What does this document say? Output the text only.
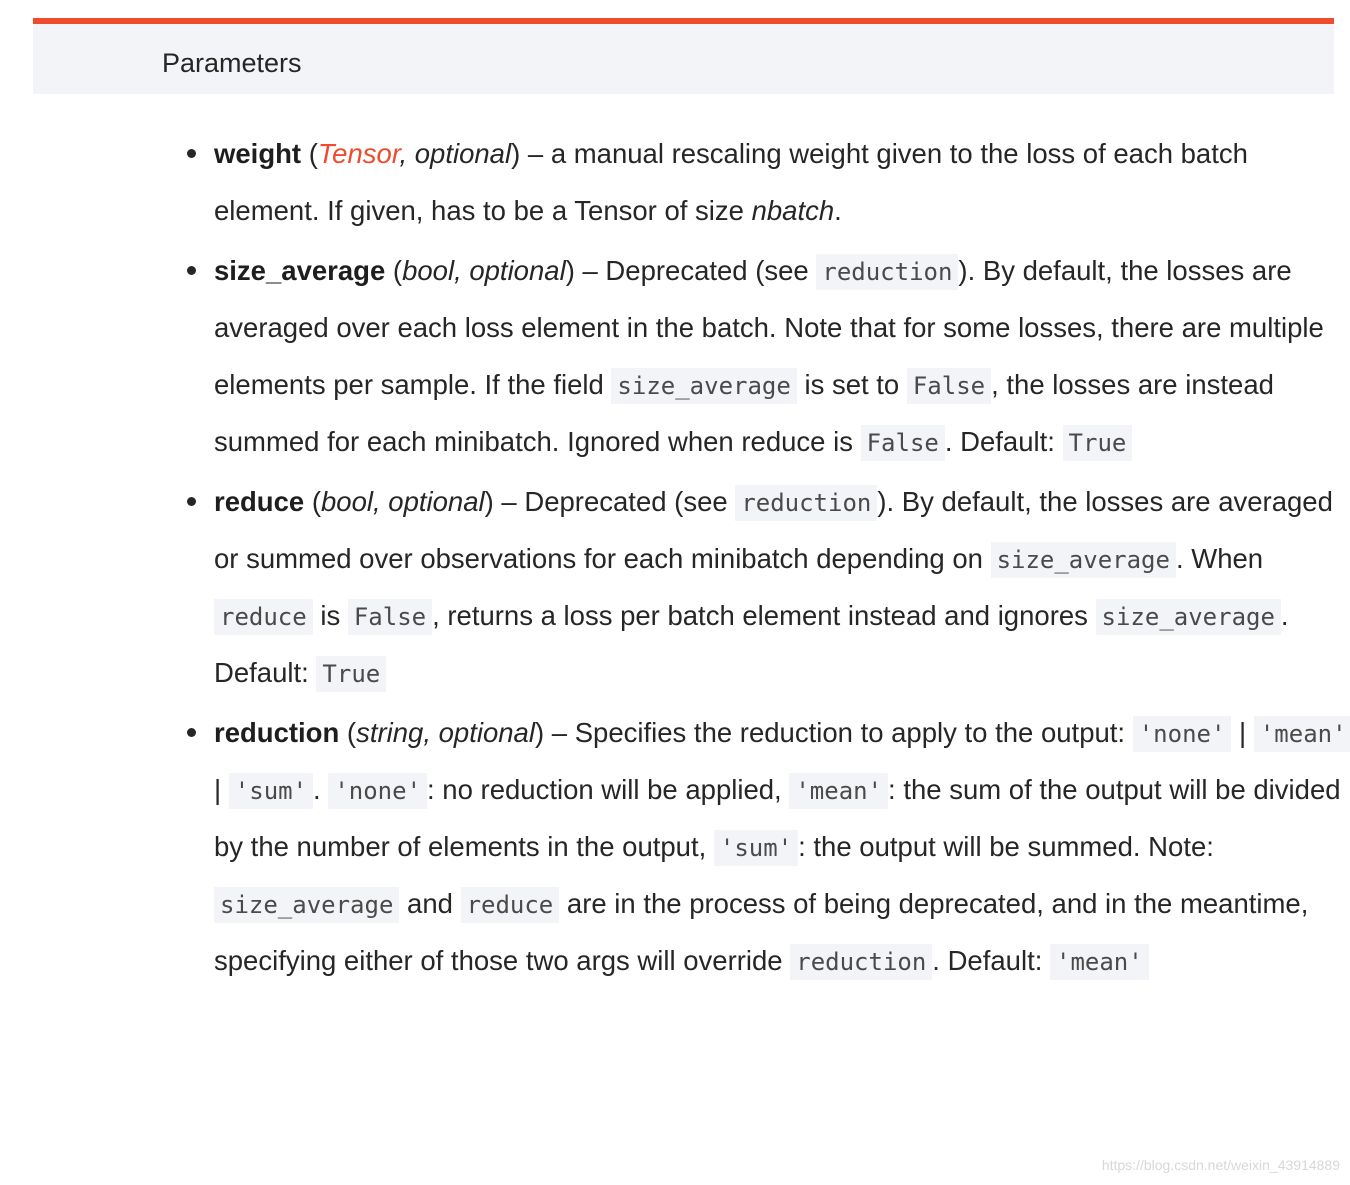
Parameters
weight (Tensor, optional) – a manual rescaling weight given to the loss of each batch element. If given, has to be a Tensor of size nbatch.
size_average (bool, optional) – Deprecated (see reduction ). By default, the losses are averaged over each loss element in the batch. Note that for some losses, there are multiple elements per sample. If the field size_average is set to False , the losses are instead summed for each minibatch. Ignored when reduce is False . Default: True
reduce (bool, optional) – Deprecated (see reduction ). By default, the losses are averaged or summed over observations for each minibatch depending on size_average . When reduce is False , returns a loss per batch element instead and ignores size_average . Default: True
reduction (string, optional) – Specifies the reduction to apply to the output: 'none' | 'mean' | 'sum' . 'none' : no reduction will be applied, 'mean' : the sum of the output will be divided by the number of elements in the output, 'sum' : the output will be summed. Note: size_average and reduce are in the process of being deprecated, and in the meantime, specifying either of those two args will override reduction . Default: 'mean'
https://blog.csdn.net/weixin_43914889
